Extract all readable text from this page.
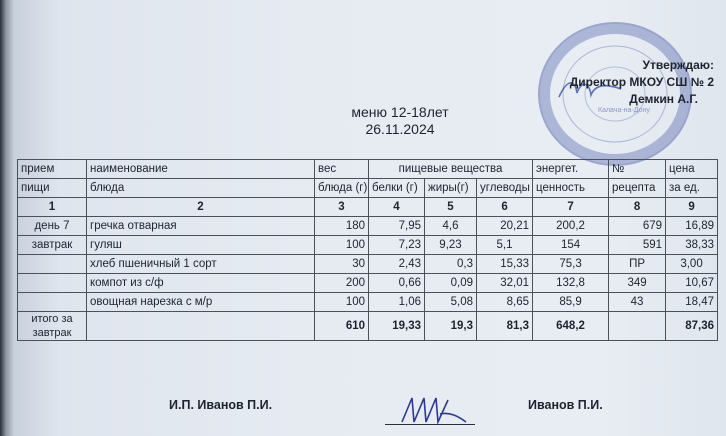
Калача-на-Дону
Утверждаю:
Директор МКОУ СШ № 2
Демкин А.Г.
меню 12-18лет
26.11.2024
прием	наименование	вес	пищевые вещества			энергет.	№	цена
пищи	блюда	блюда (г)	белки (г)	жиры(г)	углеводы	ценность	рецепта	за ед.
1	2	3	4	5	6	7	8	9
день 7	гречка отварная	180	7,95	4,6	20,21	200,2	679	16,89
завтрак	гуляш	100	7,23	9,23	5,1	154	591	38,33
	хлеб пшеничный 1 сорт	30	2,43	0,3	15,33	75,3	ПР	3,00
	компот из с/ф	200	0,66	0,09	32,01	132,8	349	10,67
	овощная нарезка с м/р	100	1,06	5,08	8,65	85,9	43	18,47
итого за завтрак		610	19,33	19,3	81,3	648,2		87,36
И.П. Иванов П.И.	Иванов П.И.
